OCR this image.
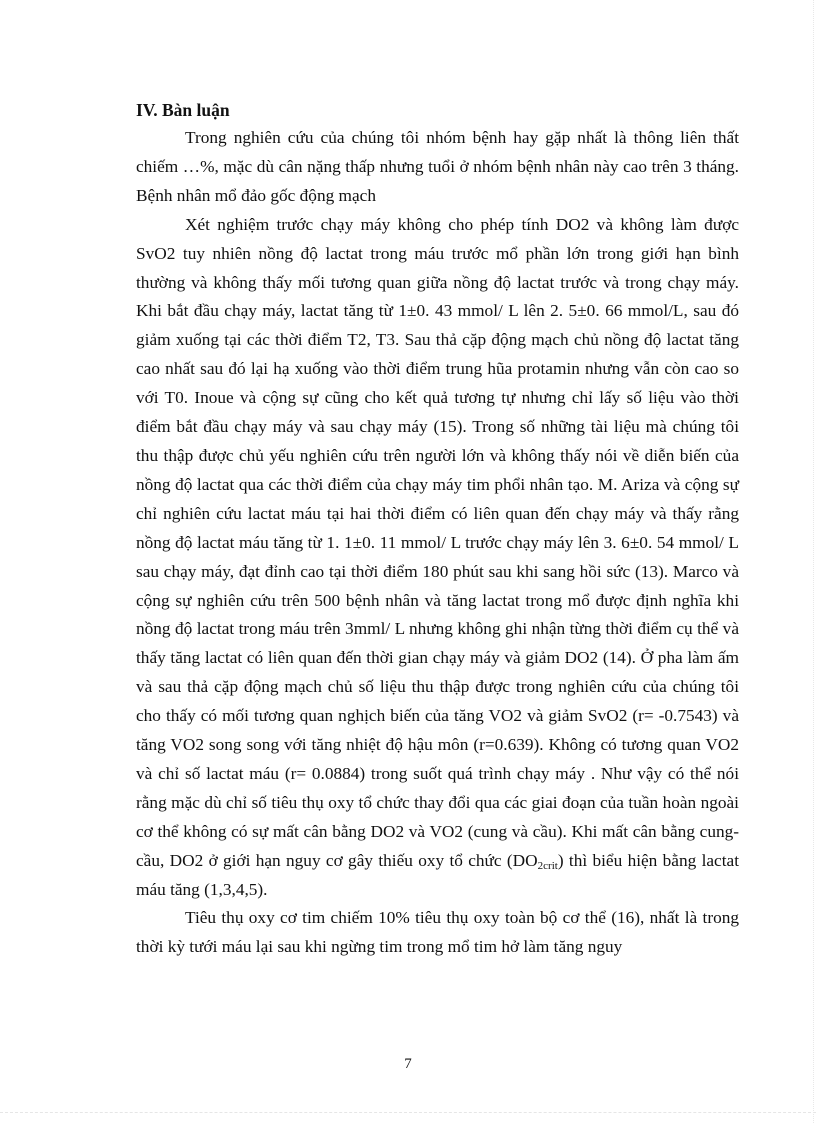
IV. Bàn luận

Trong nghiên cứu của chúng tôi nhóm bệnh hay gặp nhất là thông liên thất chiếm …%, mặc dù cân nặng thấp nhưng tuổi ở nhóm bệnh nhân này cao trên 3 tháng. Bệnh nhân mổ đảo gốc động mạch

Xét nghiệm trước chạy máy không cho phép tính DO2 và không làm được SvO2 tuy nhiên nồng độ lactat trong máu trước mổ phần lớn trong giới hạn bình thường và không thấy mối tương quan giữa nồng độ lactat trước và trong chạy máy. Khi bắt đầu chạy máy, lactat tăng từ 1±0. 43 mmol/ L lên 2. 5±0. 66 mmol/L, sau đó giảm xuống tại các thời điểm T2, T3. Sau thả cặp động mạch chủ nồng độ lactat tăng cao nhất sau đó lại hạ xuống vào thời điểm trung hũa protamin nhưng vẫn còn cao so với T0. Inoue và cộng sự cũng cho kết quả tương tự nhưng chỉ lấy số liệu vào thời điểm bắt đầu chạy máy và sau chạy máy (15). Trong số những tài liệu mà chúng tôi thu thập được chủ yếu nghiên cứu trên người lớn và không thấy nói về diễn biến của nồng độ lactat qua các thời điểm của chạy máy tim phổi nhân tạo. M. Ariza và cộng sự chỉ nghiên cứu lactat máu tại hai thời điểm có liên quan đến chạy máy và thấy rằng nồng độ lactat máu tăng từ 1. 1±0. 11 mmol/ L trước chạy máy lên 3. 6±0. 54 mmol/ L sau chạy máy, đạt đỉnh cao tại thời điểm 180 phút sau khi sang hồi sức (13). Marco và cộng sự nghiên cứu trên 500 bệnh nhân và tăng lactat trong mổ được định nghĩa khi nồng độ lactat trong máu trên 3mml/ L nhưng không ghi nhận từng thời điểm cụ thể và thấy tăng lactat có liên quan đến thời gian chạy máy và giảm DO2 (14). Ở pha làm ấm và sau thả cặp động mạch chủ số liệu thu thập được trong nghiên cứu của chúng tôi cho thấy có mối tương quan nghịch biến của tăng VO2 và giảm SvO2 (r= -0.7543) và tăng VO2 song song với tăng nhiệt độ hậu môn (r=0.639). Không có tương quan VO2 và chỉ số lactat máu (r= 0.0884) trong suốt quá trình chạy máy . Như vậy có thể nói rằng mặc dù chỉ số tiêu thụ oxy tổ chức thay đổi qua các giai đoạn của tuần hoàn ngoài cơ thể không có sự mất cân bằng DO2 và VO2 (cung và cầu). Khi mất cân bằng cung-cầu, DO2 ở giới hạn nguy cơ gây thiếu oxy tổ chức $(DO_{2crit})$ thì biểu hiện bằng lactat máu tăng (1,3,4,5).

Tiêu thụ oxy cơ tim chiếm 10% tiêu thụ oxy toàn bộ cơ thể (16), nhất là trong thời kỳ tưới máu lại sau khi ngừng tim trong mổ tim hở làm tăng nguy

7
